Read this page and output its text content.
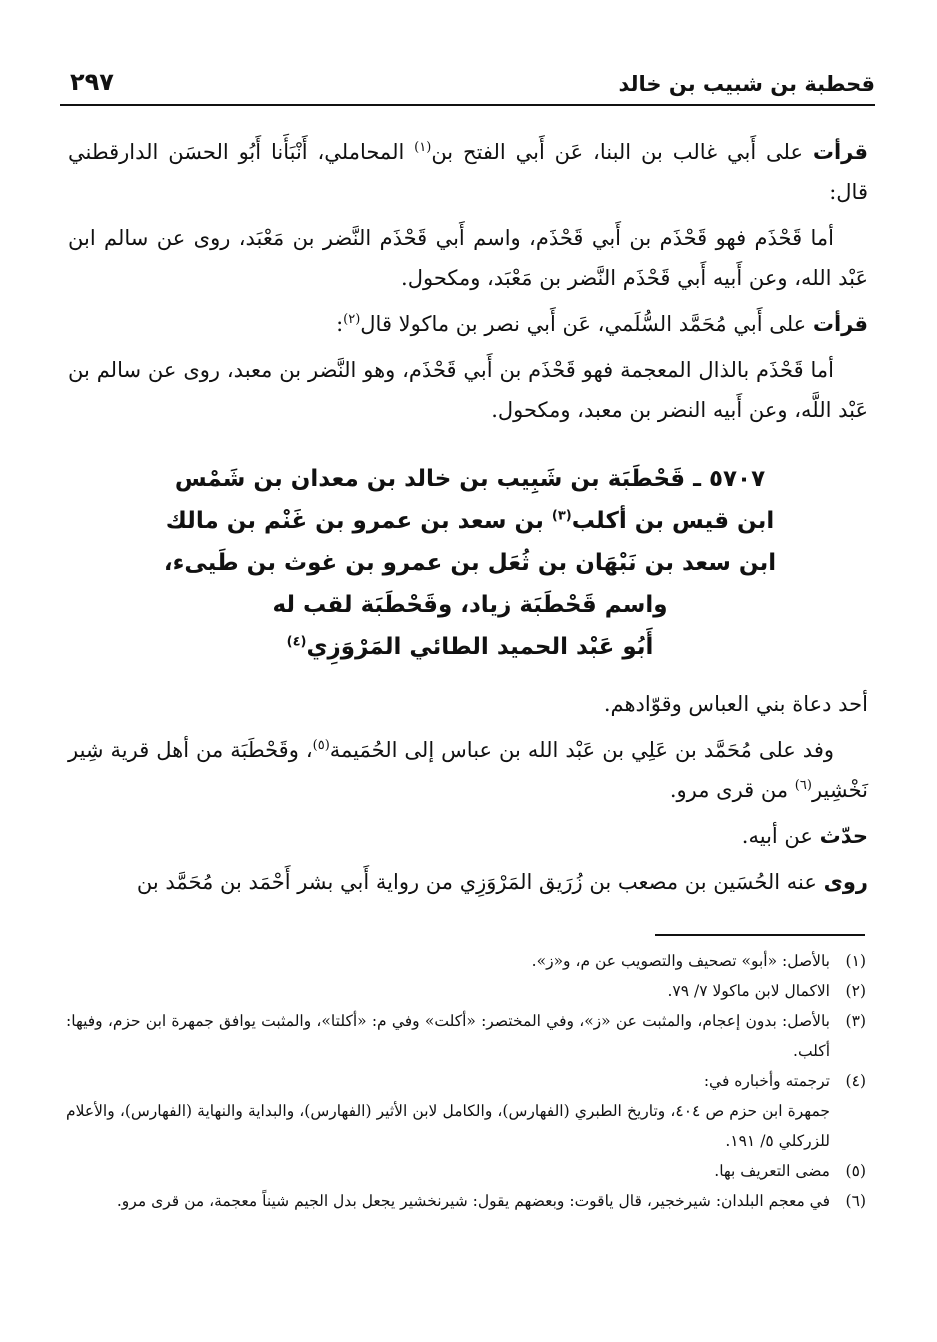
قحطبة بن شبيب بن خالد
٢٩٧

قرأت على أَبي غالب بن البنا، عَن أَبي الفتح بن$^{(١)}$ المحاملي، أَنْبَأَنا أَبُو الحسَن الدارقطني قال:

أما قَحْذَم فهو قَحْذَم بن أَبي قَحْذَم، واسم أَبي قَحْذَم النَّضر بن مَعْبَد، روى عن سالم ابن عَبْد الله، وعن أَبيه أَبي قَحْذَم النَّضر بن مَعْبَد، ومكحول.

قرأت على أَبي مُحَمَّد السُّلَمي، عَن أَبي نصر بن ماكولا قال$^{(٢)}$:

أما قَحْذَم بالذال المعجمة فهو قَحْذَم بن أَبي قَحْذَم، وهو النَّضر بن معبد، روى عن سالم بن عَبْد اللَّه، وعن أَبيه النضر بن معبد، ومكحول.

٥٧٠٧ ـ قَحْطَبَة بن شَبِيب بن خالد بن معدان بن شَمْس
ابن قيس بن أكلب$^{(٣)}$ بن سعد بن عمرو بن غَنْم بن مالك
ابن سعد بن نَبْهَان بن ثُعَل بن عمرو بن غوث بن طَيىء،
واسم قَحْطَبَة زياد، وقَحْطَبَة لقب له
أَبُو عَبْد الحميد الطائي المَرْوَزِي$^{(٤)}$

أحد دعاة بني العباس وقوّادهم.

وفد على مُحَمَّد بن عَلِي بن عَبْد الله بن عباس إلى الحُمَيمة$^{(٥)}$، وقَحْطَبَة من أهل قرية شِير نَخْشِير$^{(٦)}$ من قرى مرو.

حدّث عن أبيه.

روى عنه الحُسَين بن مصعب بن زُرَيق المَرْوَزِي من رواية أَبي بشر أَحْمَد بن مُحَمَّد بن

(١)
بالأصل: «أبو» تصحيف والتصويب عن م، و«ز».
(٢)
الاكمال لابن ماكولا ٧/ ٧٩.
(٣)
بالأصل: بدون إعجام، والمثبت عن «ز»، وفي المختصر: «أكلت» وفي م: «أكلتا»، والمثبت يوافق جمهرة ابن حزم، وفيها: أكلب.
(٤)
ترجمته وأخباره في:
جمهرة ابن حزم ص ٤٠٤، وتاريخ الطبري (الفهارس)، والكامل لابن الأثير (الفهارس)، والبداية والنهاية (الفهارس)، والأعلام للزركلي ٥/ ١٩١.
(٥)
مضى التعريف بها.
(٦)
في معجم البلدان: شيرخجير، قال ياقوت: وبعضهم يقول: شيرنخشير يجعل بدل الجيم شيناً معجمة، من قرى مرو.
